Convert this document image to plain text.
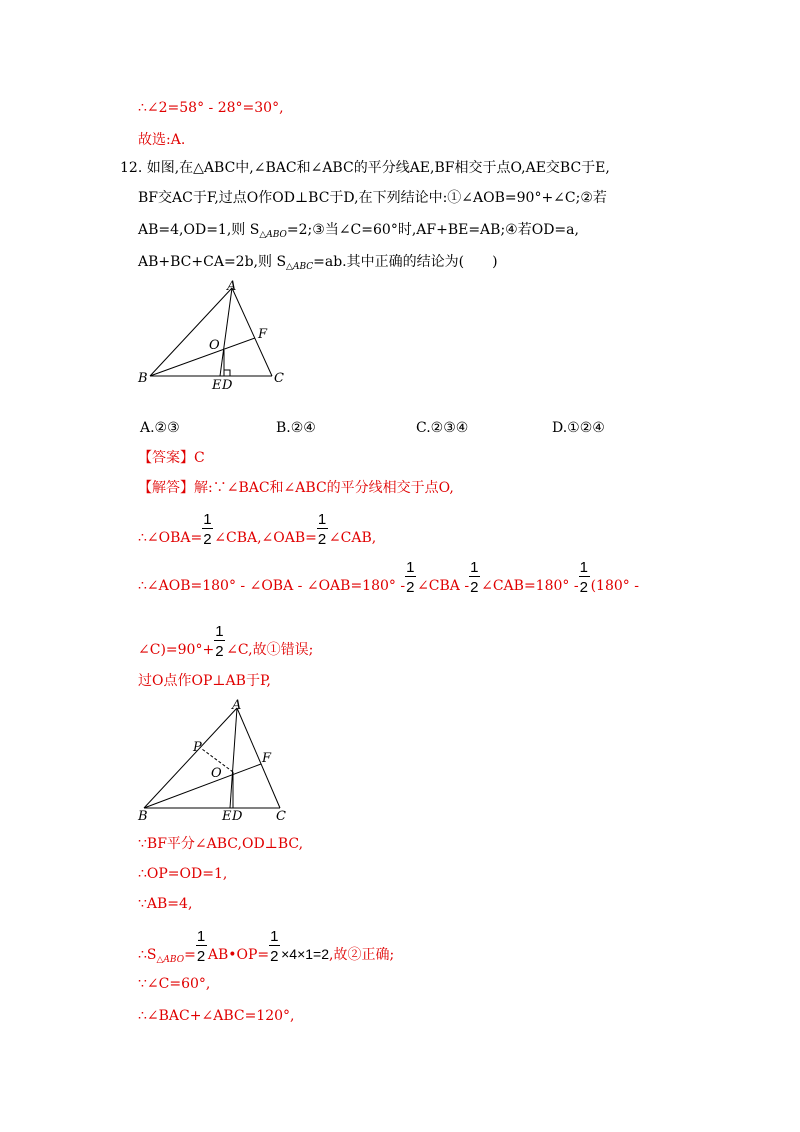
∴∠2=58° - 28°=30°,
故选:A.
12. 如图,在△ABC中,∠BAC和∠ABC的平分线AE,BF相交于点O,AE交BC于E,
BF交AC于F,过点O作OD⊥BC于D,在下列结论中:①∠AOB=90°+∠C;②若
AB=4,OD=1,则 $S_{\triangle ABO}=2;③$当∠C=60°时,AF+BE=AB;④若OD=a,
AB+BC+CA=2b,则 $S_{\triangle ABC}=ab$.其中正确的结论为(　　)
A
B	C
F
O
E D
A.②③	B.②④	C.②③④	D.①②④
【答案】C
【解答】解:∵∠BAC和∠ABC的平分线相交于点O,
∴∠OBA= $\frac{1}{2}$ ∠CBA,∠OAB= $\frac{1}{2}$ ∠CAB,
∴∠AOB=180° - ∠OBA - ∠OAB=180° - $\frac{1}{2}$ ∠CBA - $\frac{1}{2}$ ∠CAB=180° - $\frac{1}{2} (180^\circ$ -
∠C)=90°+ $\frac{1}{2}$ ∠C,故①错误;
过O点作OP⊥AB于P,
A
B	C
F
O
P
E D
∵BF平分∠ABC,OD⊥BC,
∴OP=OD=1,
∵AB=4,
$\therefore S_{\triangle ABO}= \frac{1}{2}$ AB•OP= $\frac{1}{2} \times 4\times 1=2$,故②正确;
∵∠C=60°,
∴∠BAC+∠ABC=120°,
